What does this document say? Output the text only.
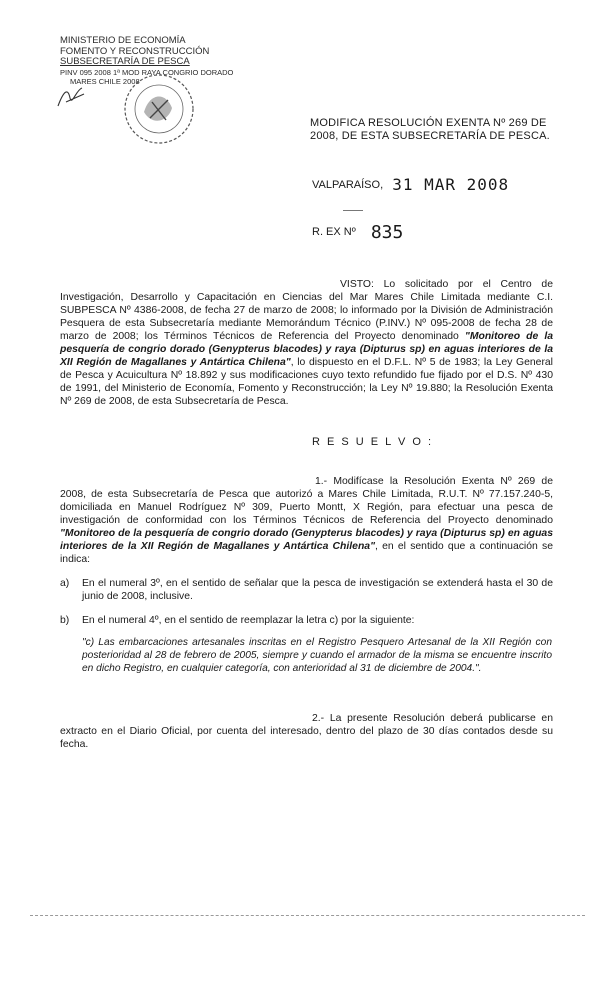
MINISTERIO DE ECONOMÍA
FOMENTO Y RECONSTRUCCIÓN
SUBSECRETARÍA DE PESCA
PINV 095 2008 1ª MOD RAYA CONGRIO DORADO
MARES CHILE 2008
MODIFICA RESOLUCIÓN EXENTA Nº 269 DE 2008, DE ESTA SUBSECRETARÍA DE PESCA.
VALPARAÍSO, 31 MAR 2008
R. EX Nº 835
VISTO: Lo solicitado por el Centro de Investigación, Desarrollo y Capacitación en Ciencias del Mar Mares Chile Limitada mediante C.I. SUBPESCA Nº 4386-2008, de fecha 27 de marzo de 2008; lo informado por la División de Administración Pesquera de esta Subsecretaría mediante Memorándum Técnico (P.INV.) Nº 095-2008 de fecha 28 de marzo de 2008; los Términos Técnicos de Referencia del Proyecto denominado "Monitoreo de la pesquería de congrio dorado (Genypterus blacodes) y raya (Dipturus sp) en aguas interiores de la XII Región de Magallanes y Antártica Chilena", lo dispuesto en el D.F.L. Nº 5 de 1983; la Ley General de Pesca y Acuicultura Nº 18.892 y sus modificaciones cuyo texto refundido fue fijado por el D.S. Nº 430 de 1991, del Ministerio de Economía, Fomento y Reconstrucción; la Ley Nº 19.880; la Resolución Exenta Nº 269 de 2008, de esta Subsecretaría de Pesca.
R E S U E L V O :
1.- Modifícase la Resolución Exenta Nº 269 de 2008, de esta Subsecretaría de Pesca que autorizó a Mares Chile Limitada, R.U.T. Nº 77.157.240-5, domiciliada en Manuel Rodríguez Nº 309, Puerto Montt, X Región, para efectuar una pesca de investigación de conformidad con los Términos Técnicos de Referencia del Proyecto denominado "Monitoreo de la pesquería de congrio dorado (Genypterus blacodes) y raya (Dipturus sp) en aguas interiores de la XII Región de Magallanes y Antártica Chilena", en el sentido que a continuación se indica:
a) En el numeral 3º, en el sentido de señalar que la pesca de investigación se extenderá hasta el 30 de junio de 2008, inclusive.
b) En el numeral 4º, en el sentido de reemplazar la letra c) por la siguiente:
"c) Las embarcaciones artesanales inscritas en el Registro Pesquero Artesanal de la XII Región con posterioridad al 28 de febrero de 2005, siempre y cuando el armador de la misma se encuentre inscrito en dicho Registro, en cualquier categoría, con anterioridad al 31 de diciembre de 2004.".
2.- La presente Resolución deberá publicarse en extracto en el Diario Oficial, por cuenta del interesado, dentro del plazo de 30 días contados desde su fecha.
